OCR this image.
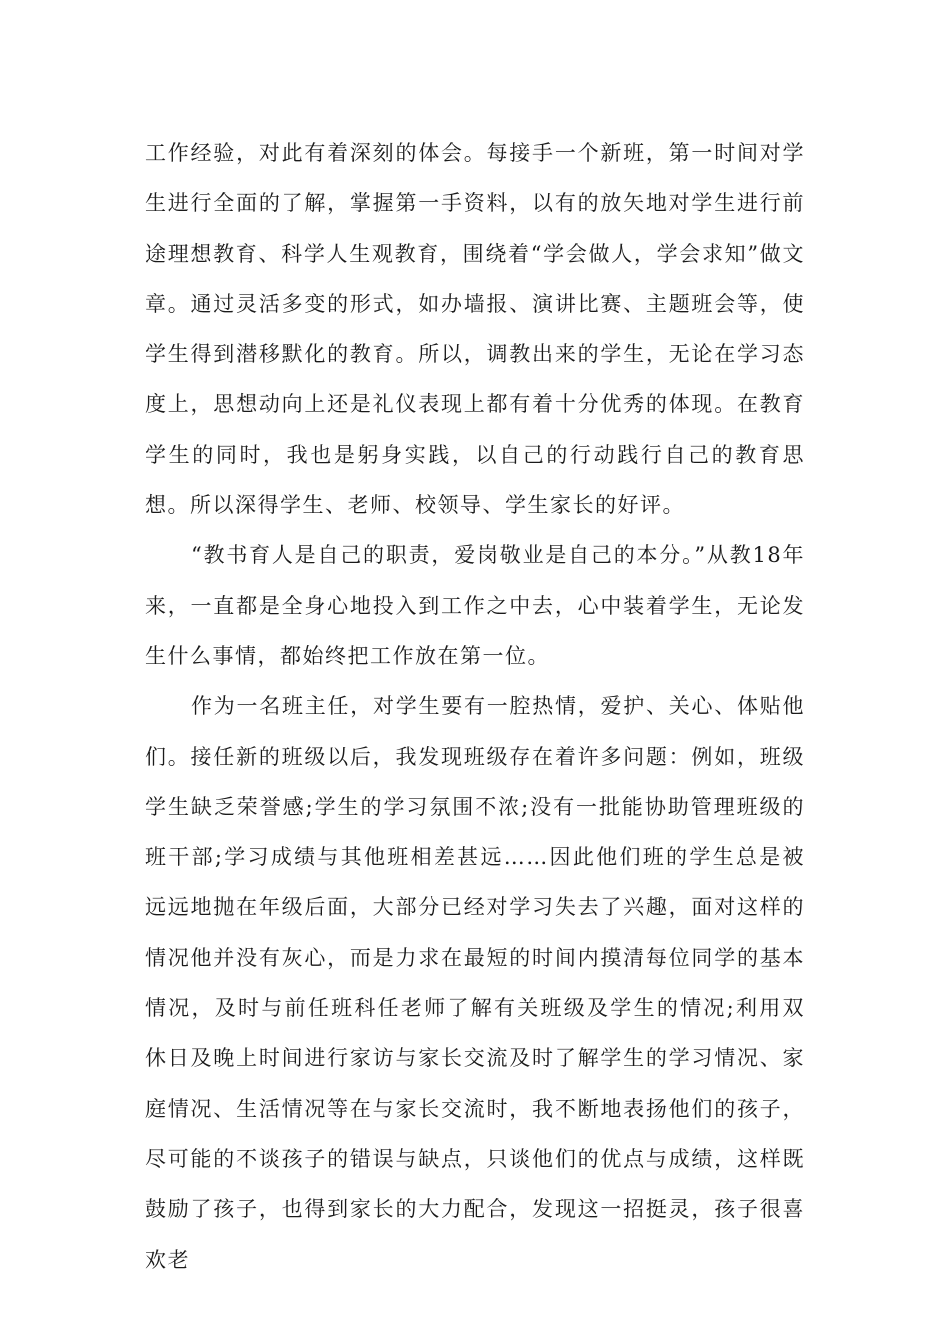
工作经验，对此有着深刻的体会。每接手一个新班，第一时间对学生进行全面的了解，掌握第一手资料，以有的放矢地对学生进行前途理想教育、科学人生观教育，围绕着“学会做人，学会求知”做文章。通过灵活多变的形式，如办墙报、演讲比赛、主题班会等，使学生得到潜移默化的教育。所以，调教出来的学生，无论在学习态度上，思想动向上还是礼仪表现上都有着十分优秀的体现。在教育学生的同时，我也是躬身实践，以自己的行动践行自己的教育思想。所以深得学生、老师、校领导、学生家长的好评。

“教书育人是自己的职责，爱岗敬业是自己的本分。”从教18年来，一直都是全身心地投入到工作之中去，心中装着学生，无论发生什么事情，都始终把工作放在第一位。

作为一名班主任，对学生要有一腔热情，爱护、关心、体贴他们。接任新的班级以后，我发现班级存在着许多问题：例如，班级学生缺乏荣誉感;学生的学习氛围不浓;没有一批能协助管理班级的班干部;学习成绩与其他班相差甚远……因此他们班的学生总是被远远地抛在年级后面，大部分已经对学习失去了兴趣，面对这样的情况他并没有灰心，而是力求在最短的时间内摸清每位同学的基本情况，及时与前任班科任老师了解有关班级及学生的情况;利用双休日及晚上时间进行家访与家长交流及时了解学生的学习情况、家庭情况、生活情况等在与家长交流时，我不断地表扬他们的孩子，尽可能的不谈孩子的错误与缺点，只谈他们的优点与成绩，这样既鼓励了孩子，也得到家长的大力配合，发现这一招挺灵，孩子很喜欢老
